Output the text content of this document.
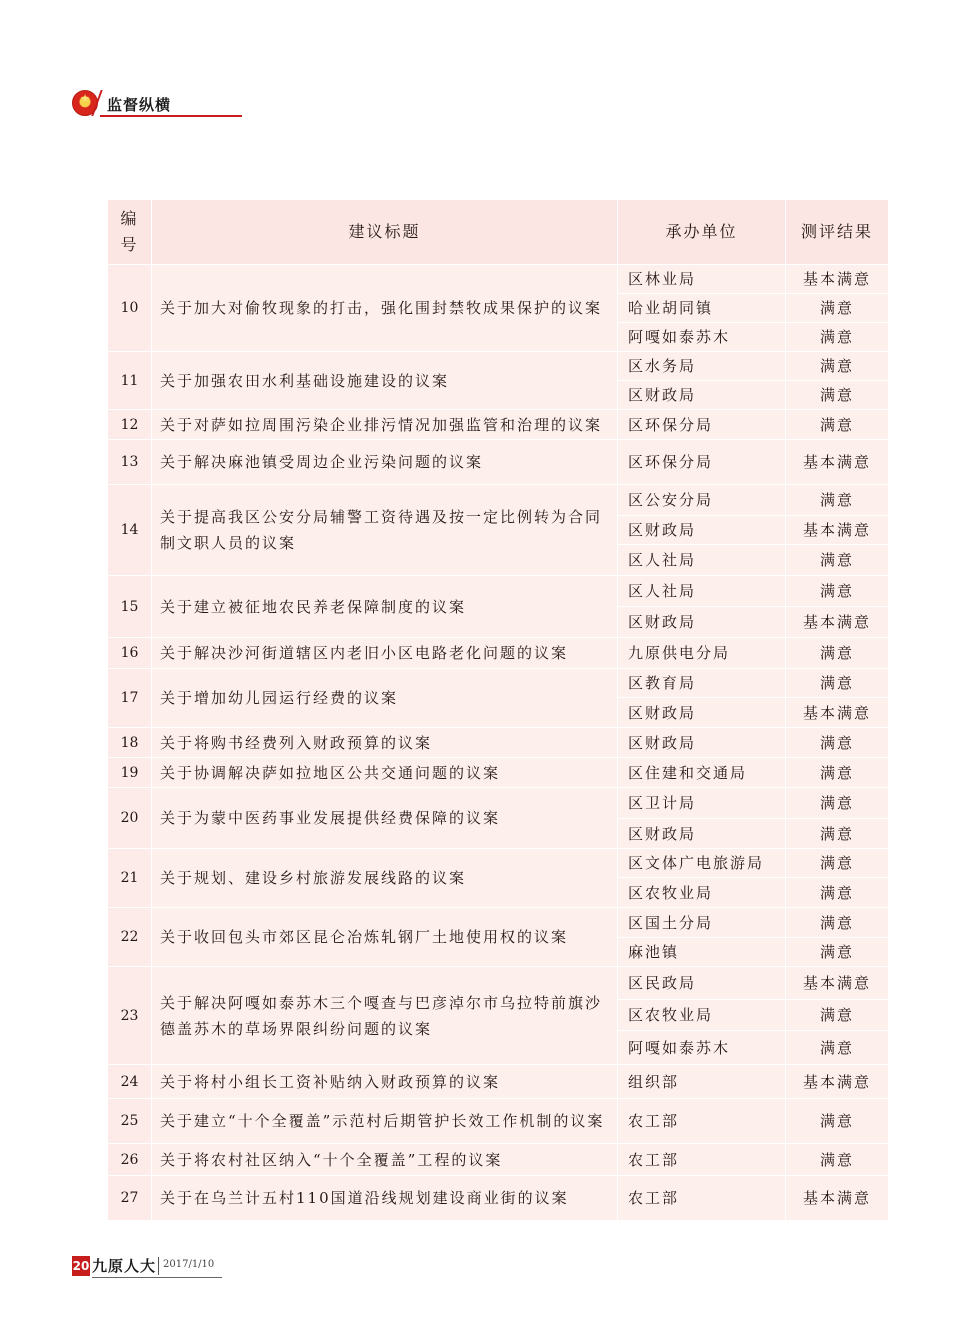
★	监督纵横
编
号	建议标题	承办单位	测评结果
10	关于加大对偷牧现象的打击，强化围封禁牧成果保护的议案	区林业局	基本满意
		哈业胡同镇	满意
		阿嘎如泰苏木	满意
11	关于加强农田水利基础设施建设的议案	区水务局	满意
		区财政局	满意
12	关于对萨如拉周围污染企业排污情况加强监管和治理的议案	区环保分局	满意
13	关于解决麻池镇受周边企业污染问题的议案	区环保分局	基本满意
14	关于提高我区公安分局辅警工资待遇及按一定比例转为合同制文职人员的议案	区公安分局	满意
		区财政局	基本满意
		区人社局	满意
15	关于建立被征地农民养老保障制度的议案	区人社局	满意
		区财政局	基本满意
16	关于解决沙河街道辖区内老旧小区电路老化问题的议案	九原供电分局	满意
17	关于增加幼儿园运行经费的议案	区教育局	满意
		区财政局	基本满意
18	关于将购书经费列入财政预算的议案	区财政局	满意
19	关于协调解决萨如拉地区公共交通问题的议案	区住建和交通局	满意
20	关于为蒙中医药事业发展提供经费保障的议案	区卫计局	满意
		区财政局	满意
21	关于规划、建设乡村旅游发展线路的议案	区文体广电旅游局	满意
		区农牧业局	满意
22	关于收回包头市郊区昆仑冶炼轧钢厂土地使用权的议案	区国土分局	满意
		麻池镇	满意
23	关于解决阿嘎如泰苏木三个嘎查与巴彦淖尔市乌拉特前旗沙德盖苏木的草场界限纠纷问题的议案	区民政局	基本满意
		区农牧业局	满意
		阿嘎如泰苏木	满意
24	关于将村小组长工资补贴纳入财政预算的议案	组织部	基本满意
25	关于建立“十个全覆盖”示范村后期管护长效工作机制的议案	农工部	满意
26	关于将农村社区纳入“十个全覆盖”工程的议案	农工部	满意
27	关于在乌兰计五村110国道沿线规划建设商业街的议案	农工部	基本满意
20 九原人大 2017/1/10
